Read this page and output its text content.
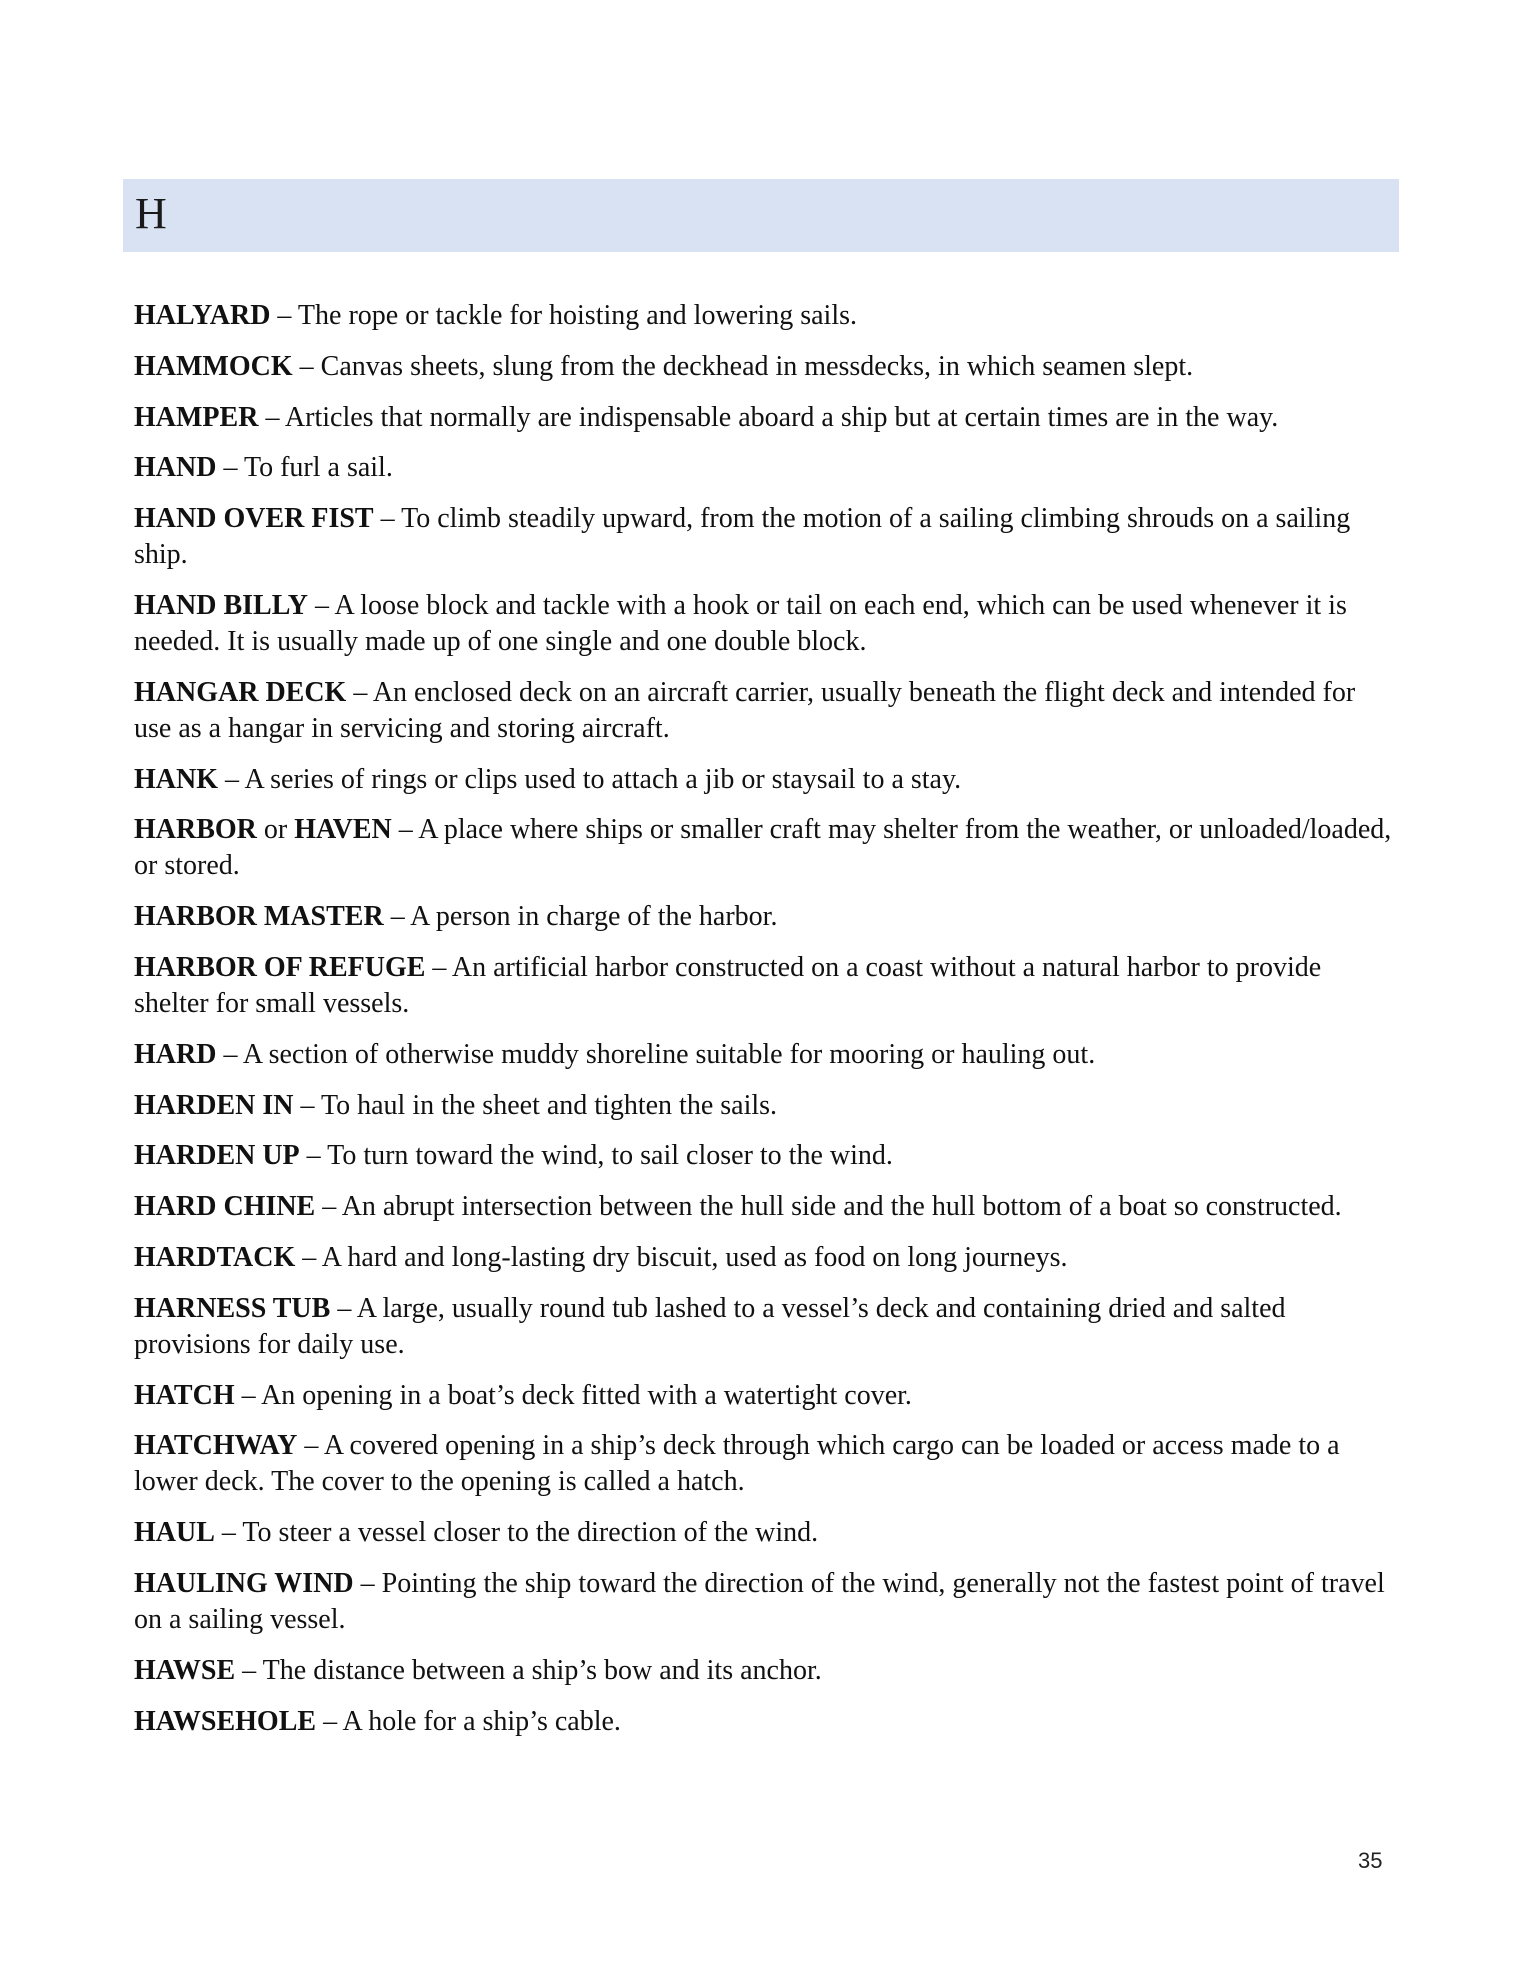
H
HALYARD – The rope or tackle for hoisting and lowering sails.
HAMMOCK – Canvas sheets, slung from the deckhead in messdecks, in which seamen slept.
HAMPER – Articles that normally are indispensable aboard a ship but at certain times are in the way.
HAND – To furl a sail.
HAND OVER FIST – To climb steadily upward, from the motion of a sailing climbing shrouds on a sailing ship.
HAND BILLY – A loose block and tackle with a hook or tail on each end, which can be used whenever it is needed. It is usually made up of one single and one double block.
HANGAR DECK – An enclosed deck on an aircraft carrier, usually beneath the flight deck and intended for use as a hangar in servicing and storing aircraft.
HANK – A series of rings or clips used to attach a jib or staysail to a stay.
HARBOR or HAVEN – A place where ships or smaller craft may shelter from the weather, or unloaded/loaded, or stored.
HARBOR MASTER – A person in charge of the harbor.
HARBOR OF REFUGE – An artificial harbor constructed on a coast without a natural harbor to provide shelter for small vessels.
HARD – A section of otherwise muddy shoreline suitable for mooring or hauling out.
HARDEN IN – To haul in the sheet and tighten the sails.
HARDEN UP – To turn toward the wind, to sail closer to the wind.
HARD CHINE – An abrupt intersection between the hull side and the hull bottom of a boat so constructed.
HARDTACK – A hard and long-lasting dry biscuit, used as food on long journeys.
HARNESS TUB – A large, usually round tub lashed to a vessel’s deck and containing dried and salted provisions for daily use.
HATCH – An opening in a boat’s deck fitted with a watertight cover.
HATCHWAY – A covered opening in a ship’s deck through which cargo can be loaded or access made to a lower deck. The cover to the opening is called a hatch.
HAUL – To steer a vessel closer to the direction of the wind.
HAULING WIND – Pointing the ship toward the direction of the wind, generally not the fastest point of travel on a sailing vessel.
HAWSE – The distance between a ship’s bow and its anchor.
HAWSEHOLE – A hole for a ship’s cable.
35
